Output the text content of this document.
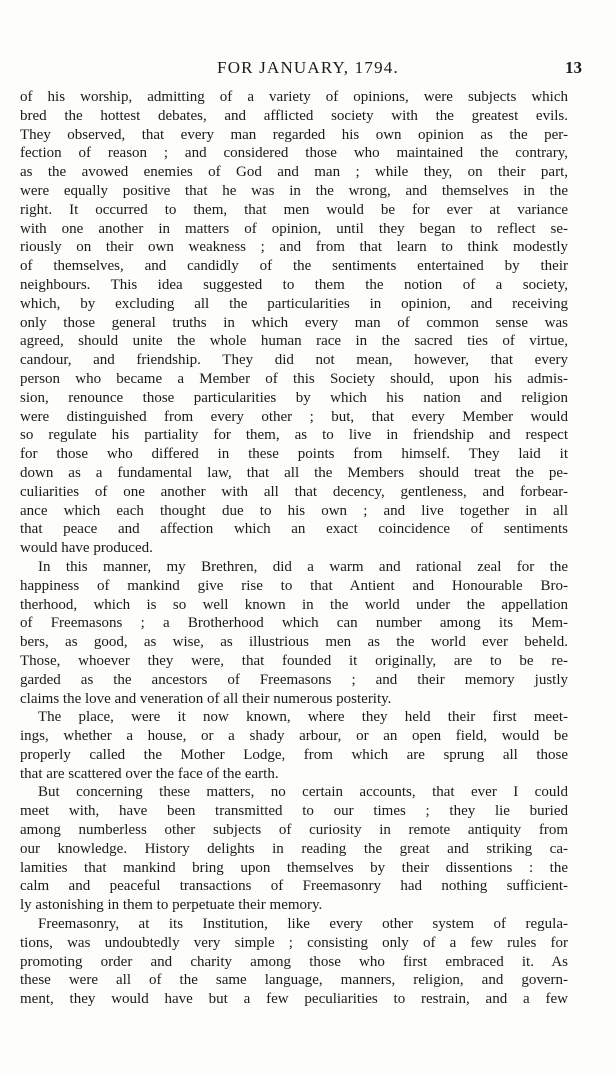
FOR JANUARY, 1794.	13
of his worship, admitting of a variety of opinions, were subjects which
bred the hottest debates, and afflicted society with the greatest evils.
They observed, that every man regarded his own opinion as the per-
fection of reason ; and considered those who maintained the contrary,
as the avowed enemies of God and man ; while they, on their part,
were equally positive that he was in the wrong, and themselves in the
right. It occurred to them, that men would be for ever at variance
with one another in matters of opinion, until they began to reflect se-
riously on their own weakness ; and from that learn to think modestly
of themselves, and candidly of the sentiments entertained by their
neighbours. This idea suggested to them the notion of a society,
which, by excluding all the particularities in opinion, and receiving
only those general truths in which every man of common sense was
agreed, should unite the whole human race in the sacred ties of virtue,
candour, and friendship. They did not mean, however, that every
person who became a Member of this Society should, upon his admis-
sion, renounce those particularities by which his nation and religion
were distinguished from every other ; but, that every Member would
so regulate his partiality for them, as to live in friendship and respect
for those who differed in these points from himself. They laid it
down as a fundamental law, that all the Members should treat the pe-
culiarities of one another with all that decency, gentleness, and forbear-
ance which each thought due to his own ; and live together in all
that peace and affection which an exact coincidence of sentiments
would have produced.
In this manner, my Brethren, did a warm and rational zeal for the
happiness of mankind give rise to that Antient and Honourable Bro-
therhood, which is so well known in the world under the appellation
of Freemasons ; a Brotherhood which can number among its Mem-
bers, as good, as wise, as illustrious men as the world ever beheld.
Those, whoever they were, that founded it originally, are to be re-
garded as the ancestors of Freemasons ; and their memory justly
claims the love and veneration of all their numerous posterity.
The place, were it now known, where they held their first meet-
ings, whether a house, or a shady arbour, or an open field, would be
properly called the Mother Lodge, from which are sprung all those
that are scattered over the face of the earth.
But concerning these matters, no certain accounts, that ever I could
meet with, have been transmitted to our times ; they lie buried
among numberless other subjects of curiosity in remote antiquity from
our knowledge. History delights in reading the great and striking ca-
lamities that mankind bring upon themselves by their dissentions : the
calm and peaceful transactions of Freemasonry had nothing sufficient-
ly astonishing in them to perpetuate their memory.
Freemasonry, at its Institution, like every other system of regula-
tions, was undoubtedly very simple ; consisting only of a few rules for
promoting order and charity among those who first embraced it. As
these were all of the same language, manners, religion, and govern-
ment, they would have but a few peculiarities to restrain, and a few
